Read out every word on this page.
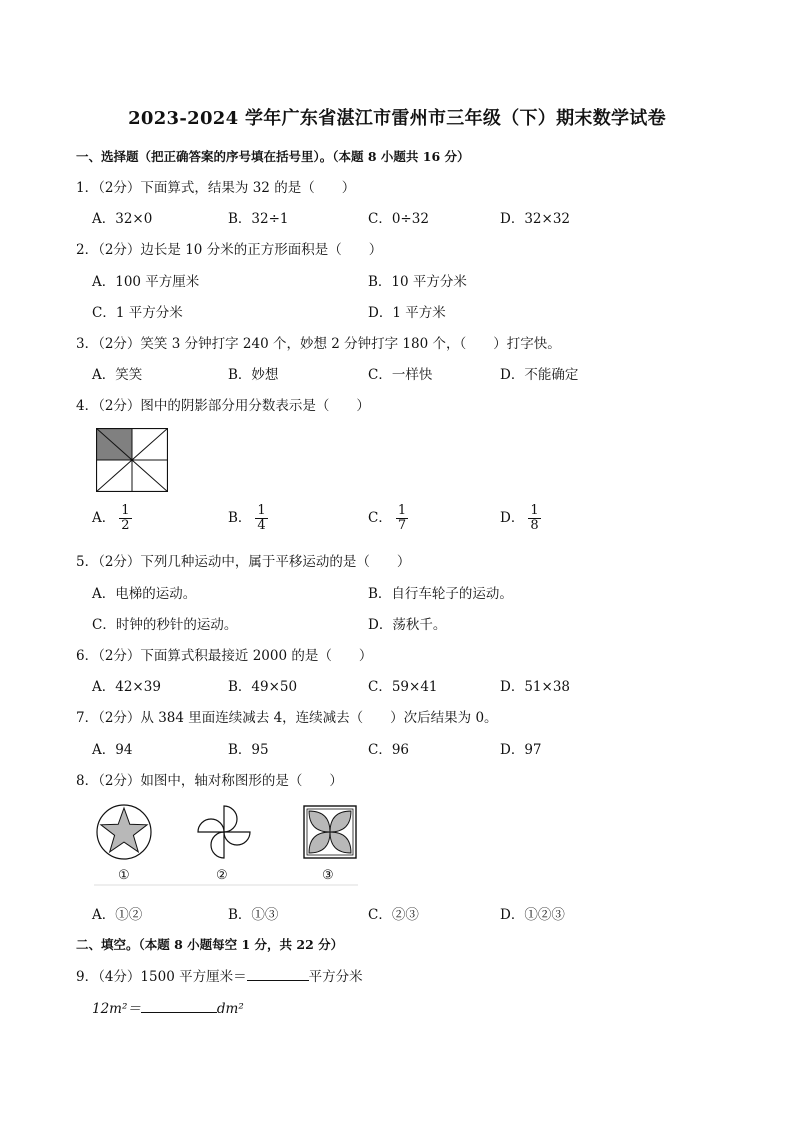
2023-2024 学年广东省湛江市雷州市三年级（下）期末数学试卷
一、选择题（把正确答案的序号填在括号里）。（本题 8 小题共 16 分）
1．（2分）下面算式，结果为 32 的是（　　）
A．32×0	B．32÷1	C．0÷32	D．32×32
2．（2分）边长是 10 分米的正方形面积是（　　）
A．100 平方厘米	B．10 平方分米
C．1 平方分米	D．1 平方米
3．（2分）笑笑 3 分钟打字 240 个，妙想 2 分钟打字 180 个，（　　）打字快。
A．笑笑	B．妙想	C．一样快	D．不能确定
4．（2分）图中的阴影部分用分数表示是（　　）
A． $\frac{1}{2}$	B． $\frac{1}{4}$	C． $\frac{1}{7}$	D． $\frac{1}{8}$
5．（2分）下列几种运动中，属于平移运动的是（　　）
A．电梯的运动。	B．自行车轮子的运动。
C．时钟的秒针的运动。	D．荡秋千。
6．（2分）下面算式积最接近 2000 的是（　　）
A．42×39	B．49×50	C．59×41	D．51×38
7．（2分）从 384 里面连续减去 4，连续减去（　　）次后结果为 0。
A．94	B．95	C．96	D．97
8．（2分）如图中，轴对称图形的是（　　）
①	②	③
A．①②	B．①③	C．②③	D．①②③
二、填空。（本题 8 小题每空 1 分，共 22 分）
9．（4分）1500 平方厘米＝	平方分米
12m²＝	dm²
